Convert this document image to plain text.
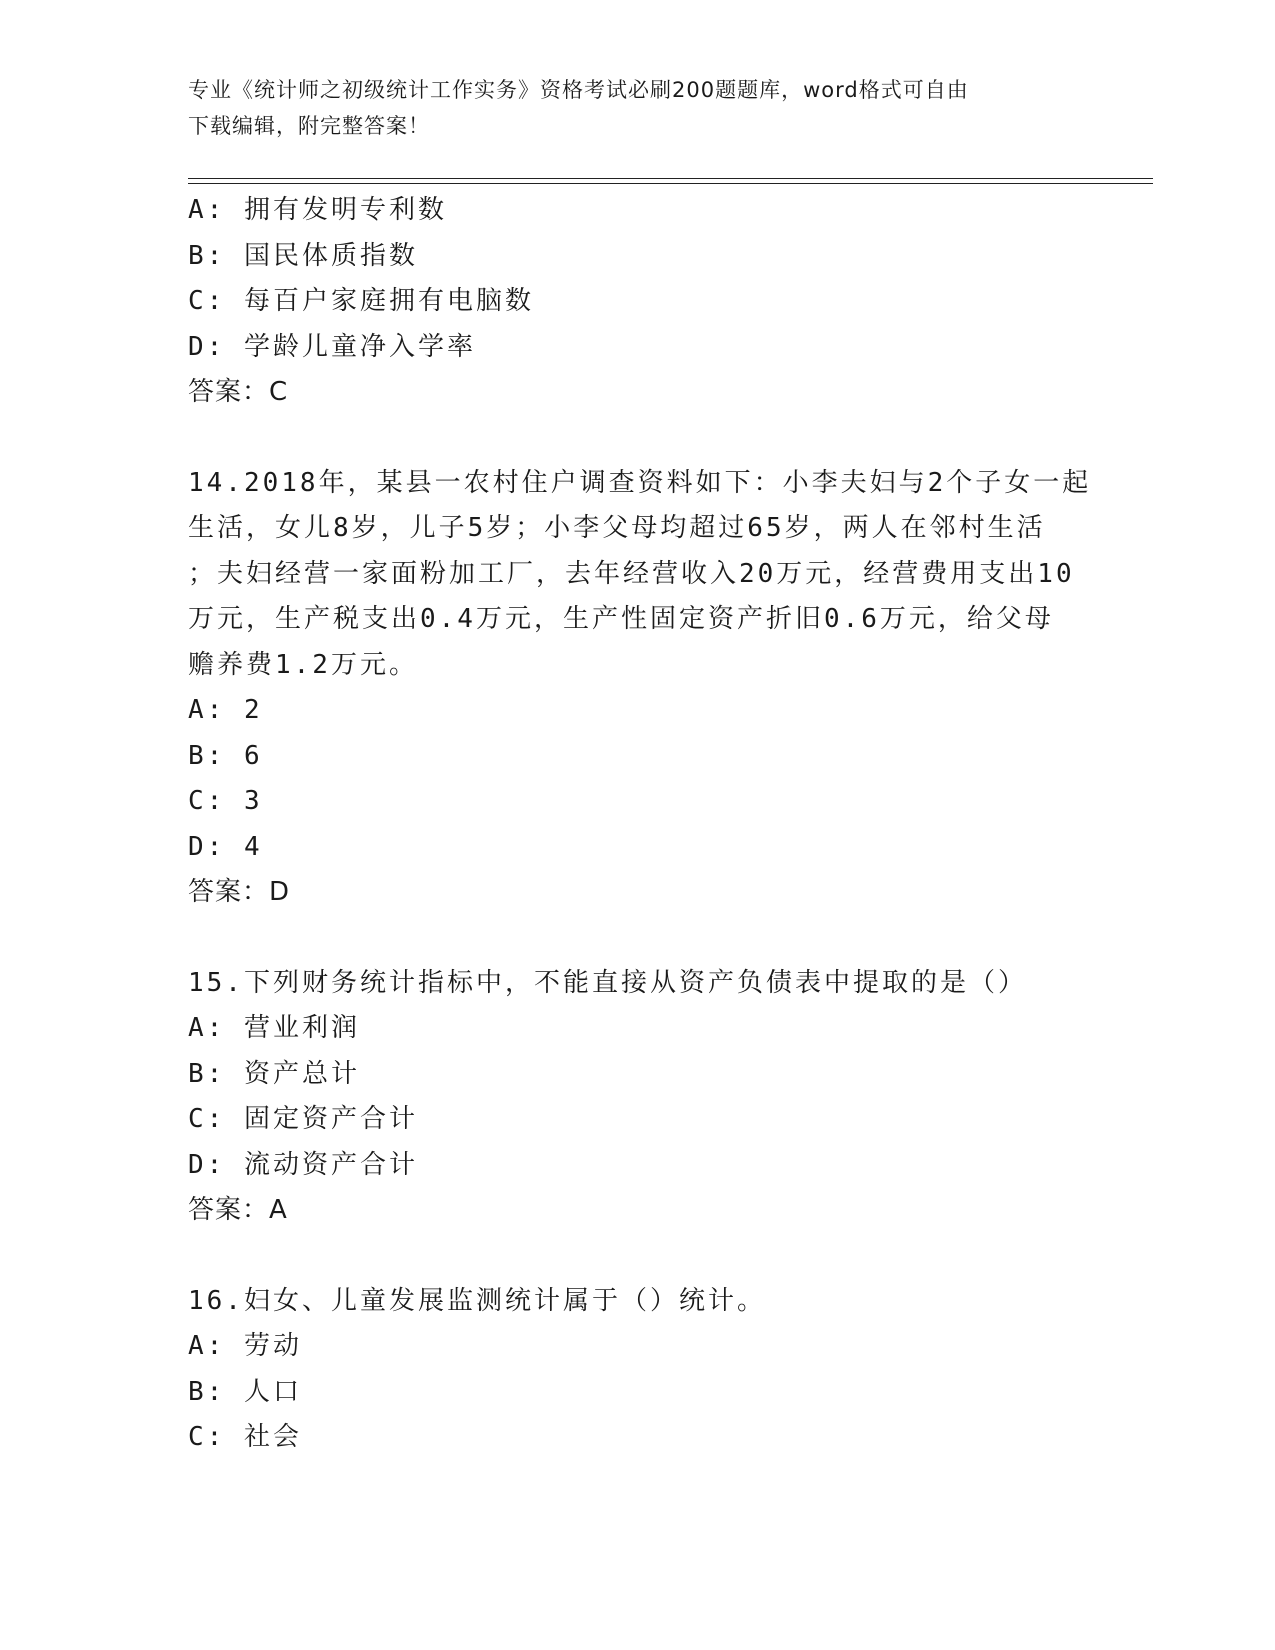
专业《统计师之初级统计工作实务》资格考试必刷200题题库，word格式可自由
下载编辑，附完整答案！
A: 拥有发明专利数
B: 国民体质指数
C: 每百户家庭拥有电脑数
D: 学龄儿童净入学率
答案：C
14.2018年，某县一农村住户调查资料如下：小李夫妇与2个子女一起
生活，女儿8岁，儿子5岁；小李父母均超过65岁，两人在邻村生活
；夫妇经营一家面粉加工厂，去年经营收入20万元，经营费用支出10
万元，生产税支出0.4万元，生产性固定资产折旧0.6万元，给父母
赡养费1.2万元。
A: 2
B: 6
C: 3
D: 4
答案：D
15.下列财务统计指标中，不能直接从资产负债表中提取的是（）
A: 营业利润
B: 资产总计
C: 固定资产合计
D: 流动资产合计
答案：A
16.妇女、儿童发展监测统计属于（）统计。
A: 劳动
B: 人口
C: 社会
